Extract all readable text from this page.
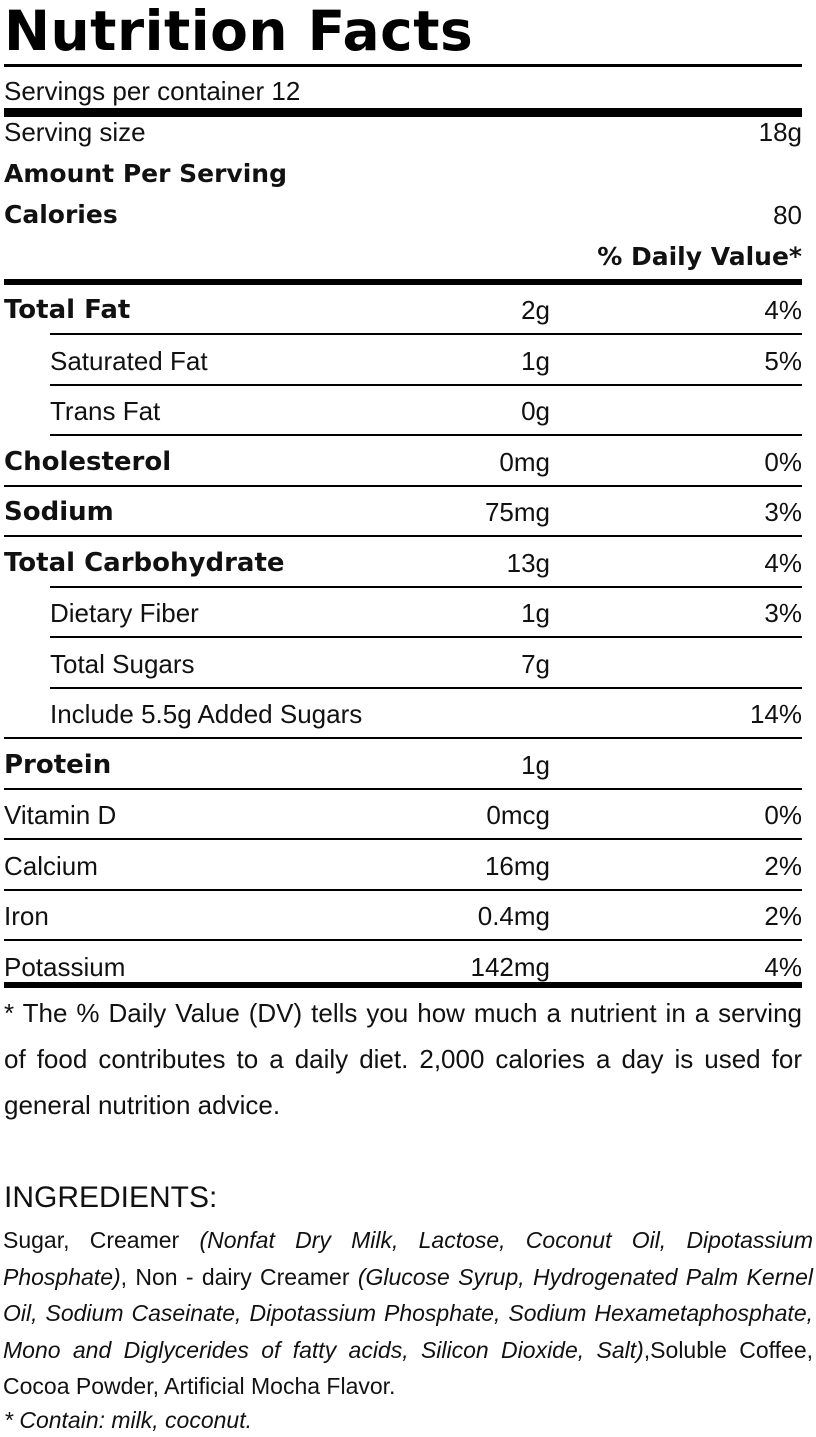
Nutrition Facts
Servings per container 12
Serving size	18g
Amount Per Serving
Calories	80
% Daily Value*
Total Fat	2g	4%
Saturated Fat	1g	5%
Trans Fat	0g
Cholesterol	0mg	0%
Sodium	75mg	3%
Total Carbohydrate	13g	4%
Dietary Fiber	1g	3%
Total Sugars	7g
Include 5.5g Added Sugars	14%
Protein	1g
Vitamin D	0mcg	0%
Calcium	16mg	2%
Iron	0.4mg	2%
Potassium	142mg	4%
* The % Daily Value (DV) tells you how much a nutrient in a serving of food contributes to a daily diet. 2,000 calories a day is used for general nutrition advice.
INGREDIENTS:
Sugar, Creamer (Nonfat Dry Milk, Lactose, Coconut Oil, Dipotassium Phosphate), Non - dairy Creamer (Glucose Syrup, Hydrogenated Palm Kernel Oil, Sodium Caseinate, Dipotassium Phosphate, Sodium Hexametaphosphate, Mono and Diglycerides of fatty acids, Silicon Dioxide, Salt),Soluble Coffee, Cocoa Powder, Artificial Mocha Flavor.
* Contain: milk, coconut.
